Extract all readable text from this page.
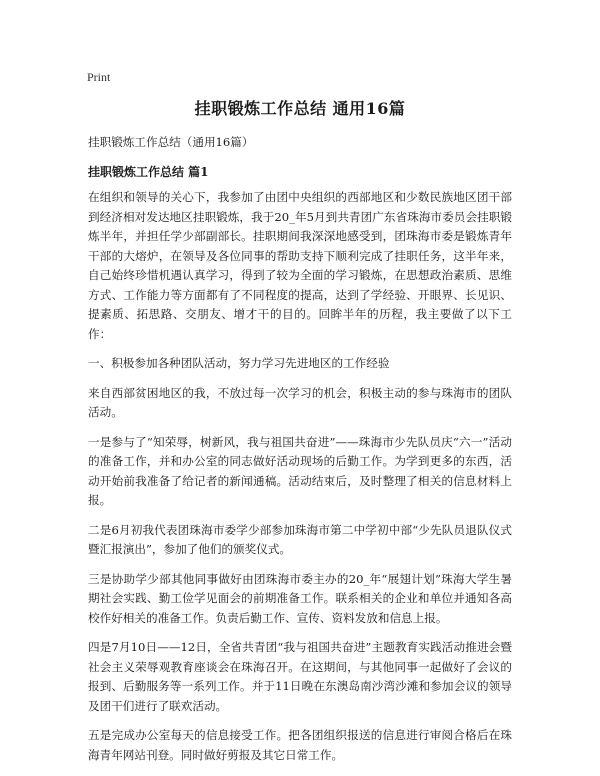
Print
挂职锻炼工作总结 通用16篇

挂职锻炼工作总结（通用16篇）

挂职锻炼工作总结 篇1

在组织和领导的关心下，我参加了由团中央组织的西部地区和少数民族地区团干部到经济相对发达地区挂职锻炼，我于20_年5月到共青团广东省珠海市委员会挂职锻炼半年，并担任学少部副部长。挂职期间我深深地感受到，团珠海市委是锻炼青年干部的大熔炉，在领导及各位同事的帮助支持下顺利完成了挂职任务，这半年来，自己始终珍惜机遇认真学习，得到了较为全面的学习锻炼，在思想政治素质、思维方式、工作能力等方面都有了不同程度的提高，达到了学经验、开眼界、长见识、提素质、拓思路、交朋友、增才干的目的。回眸半年的历程，我主要做了以下工作：

一、积极参加各种团队活动，努力学习先进地区的工作经验

来自西部贫困地区的我，不放过每一次学习的机会，积极主动的参与珠海市的团队活动。

一是参与了“知荣辱，树新风，我与祖国共奋进”——珠海市少先队员庆“六一”活动的准备工作，并和办公室的同志做好活动现场的后勤工作。为学到更多的东西，活动开始前我准备了给记者的新闻通稿。活动结束后，及时整理了相关的信息材料上报。

二是6月初我代表团珠海市委学少部参加珠海市第二中学初中部“少先队员退队仪式暨汇报演出”，参加了他们的颁奖仪式。

三是协助学少部其他同事做好由团珠海市委主办的20_年“展翅计划”珠海大学生暑期社会实践、勤工俭学见面会的前期准备工作。联系相关的企业和单位并通知各高校作好相关的准备工作。负责后勤工作、宣传、资料发放和信息上报。

四是7月10日——12日，全省共青团“我与祖国共奋进”主题教育实践活动推进会暨社会主义荣辱观教育座谈会在珠海召开。在这期间，与其他同事一起做好了会议的报到、后勤服务等一系列工作。并于11日晚在东澳岛南沙湾沙滩和参加会议的领导及团干们进行了联欢活动。

五是完成办公室每天的信息接受工作。把各团组织报送的信息进行审阅合格后在珠海青年网站刊登。同时做好剪报及其它日常工作。
